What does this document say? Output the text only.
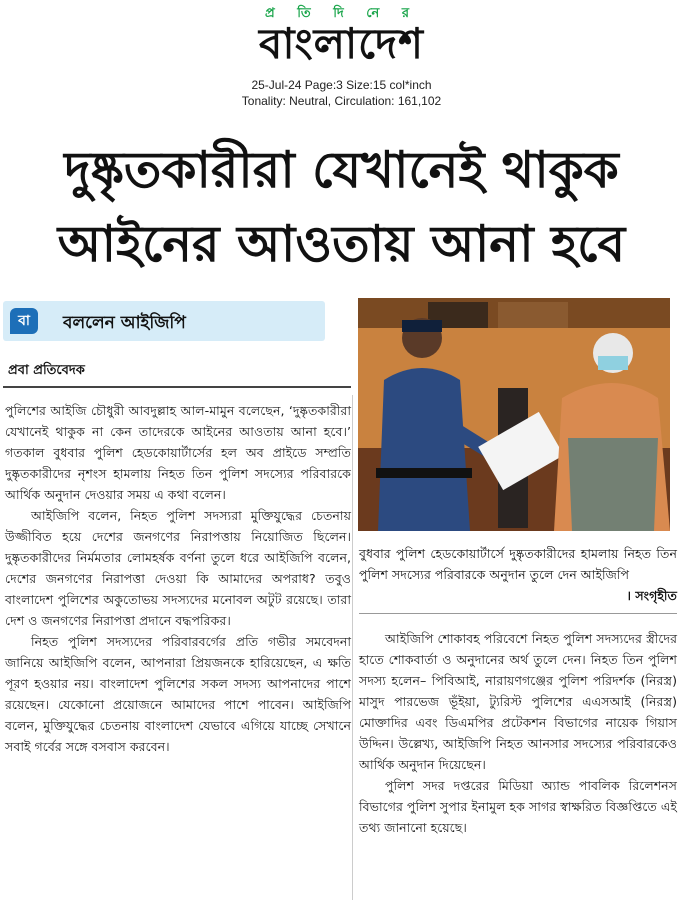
প্র তি দি নে র
বাংলাদেশ
25-Jul-24 Page:3 Size:15 col*inch
Tonality: Neutral, Circulation: 161,102
দুষ্কৃতকারীরা যেখানেই থাকুক
আইনের আওতায় আনা হবে
বা	বললেন আইজিপি
প্রবা প্রতিবেদক

পুলিশের আইজি চৌধুরী আবদুল্লাহ আল-মামুন বলেছেন, ‘দুষ্কৃতকারীরা যেখানেই থাকুক না কেন তাদেরকে আইনের আওতায় আনা হবে।’ গতকাল বুধবার পুলিশ হেডকোয়ার্টার্সের হল অব প্রাইডে সম্প্রতি দুষ্কৃতকারীদের নৃশংস হামলায় নিহত তিন পুলিশ সদস্যের পরিবারকে আর্থিক অনুদান দেওয়ার সময় এ কথা বলেন।

আইজিপি বলেন, নিহত পুলিশ সদস্যরা মুক্তিযুদ্ধের চেতনায় উজ্জীবিত হয়ে দেশের জনগণের নিরাপত্তায় নিয়োজিত ছিলেন। দুষ্কৃতকারীদের নির্মমতার লোমহর্ষক বর্ণনা তুলে ধরে আইজিপি বলেন, দেশের জনগণের নিরাপত্তা দেওয়া কি আমাদের অপরাধ? তবুও বাংলাদেশ পুলিশের অকুতোভয় সদস্যদের মনোবল অটুট রয়েছে। তারা দেশ ও জনগণের নিরাপত্তা প্রদানে বদ্ধপরিকর।

নিহত পুলিশ সদস্যদের পরিবারবর্গের প্রতি গভীর সমবেদনা জানিয়ে আইজিপি বলেন, আপনারা প্রিয়জনকে হারিয়েছেন, এ ক্ষতি পূরণ হওয়ার নয়। বাংলাদেশ পুলিশের সকল সদস্য আপনাদের পাশে রয়েছেন। যেকোনো প্রয়োজনে আমাদের পাশে পাবেন। আইজিপি বলেন, মুক্তিযুদ্ধের চেতনায় বাংলাদেশ যেভাবে এগিয়ে যাচ্ছে সেখানে সবাই গর্বের সঙ্গে বসবাস করবেন।

বুধবার পুলিশ হেডকোয়ার্টার্সে দুষ্কৃতকারীদের হামলায় নিহত তিন পুলিশ সদস্যের পরিবারকে অনুদান তুলে দেন আইজিপি
। সংগৃহীত

আইজিপি শোকাবহ পরিবেশে নিহত পুলিশ সদস্যদের স্ত্রীদের হাতে শোকবার্তা ও অনুদানের অর্থ তুলে দেন। নিহত তিন পুলিশ সদস্য হলেন– পিবিআই, নারায়ণগঞ্জের পুলিশ পরিদর্শক (নিরস্ত্র) মাসুদ পারভেজ ভূঁইয়া, ট্যুরিস্ট পুলিশের এএসআই (নিরস্ত্র) মোক্তাদির এবং ডিএমপির প্রটেকশন বিভাগের নায়েক গিয়াস উদ্দিন। উল্লেখ্য, আইজিপি নিহত আনসার সদস্যের পরিবারকেও আর্থিক অনুদান দিয়েছেন।

পুলিশ সদর দপ্তরের মিডিয়া অ্যান্ড পাবলিক রিলেশনস বিভাগের পুলিশ সুপার ইনামুল হক সাগর স্বাক্ষরিত বিজ্ঞপ্তিতে এই তথ্য জানানো হয়েছে।
